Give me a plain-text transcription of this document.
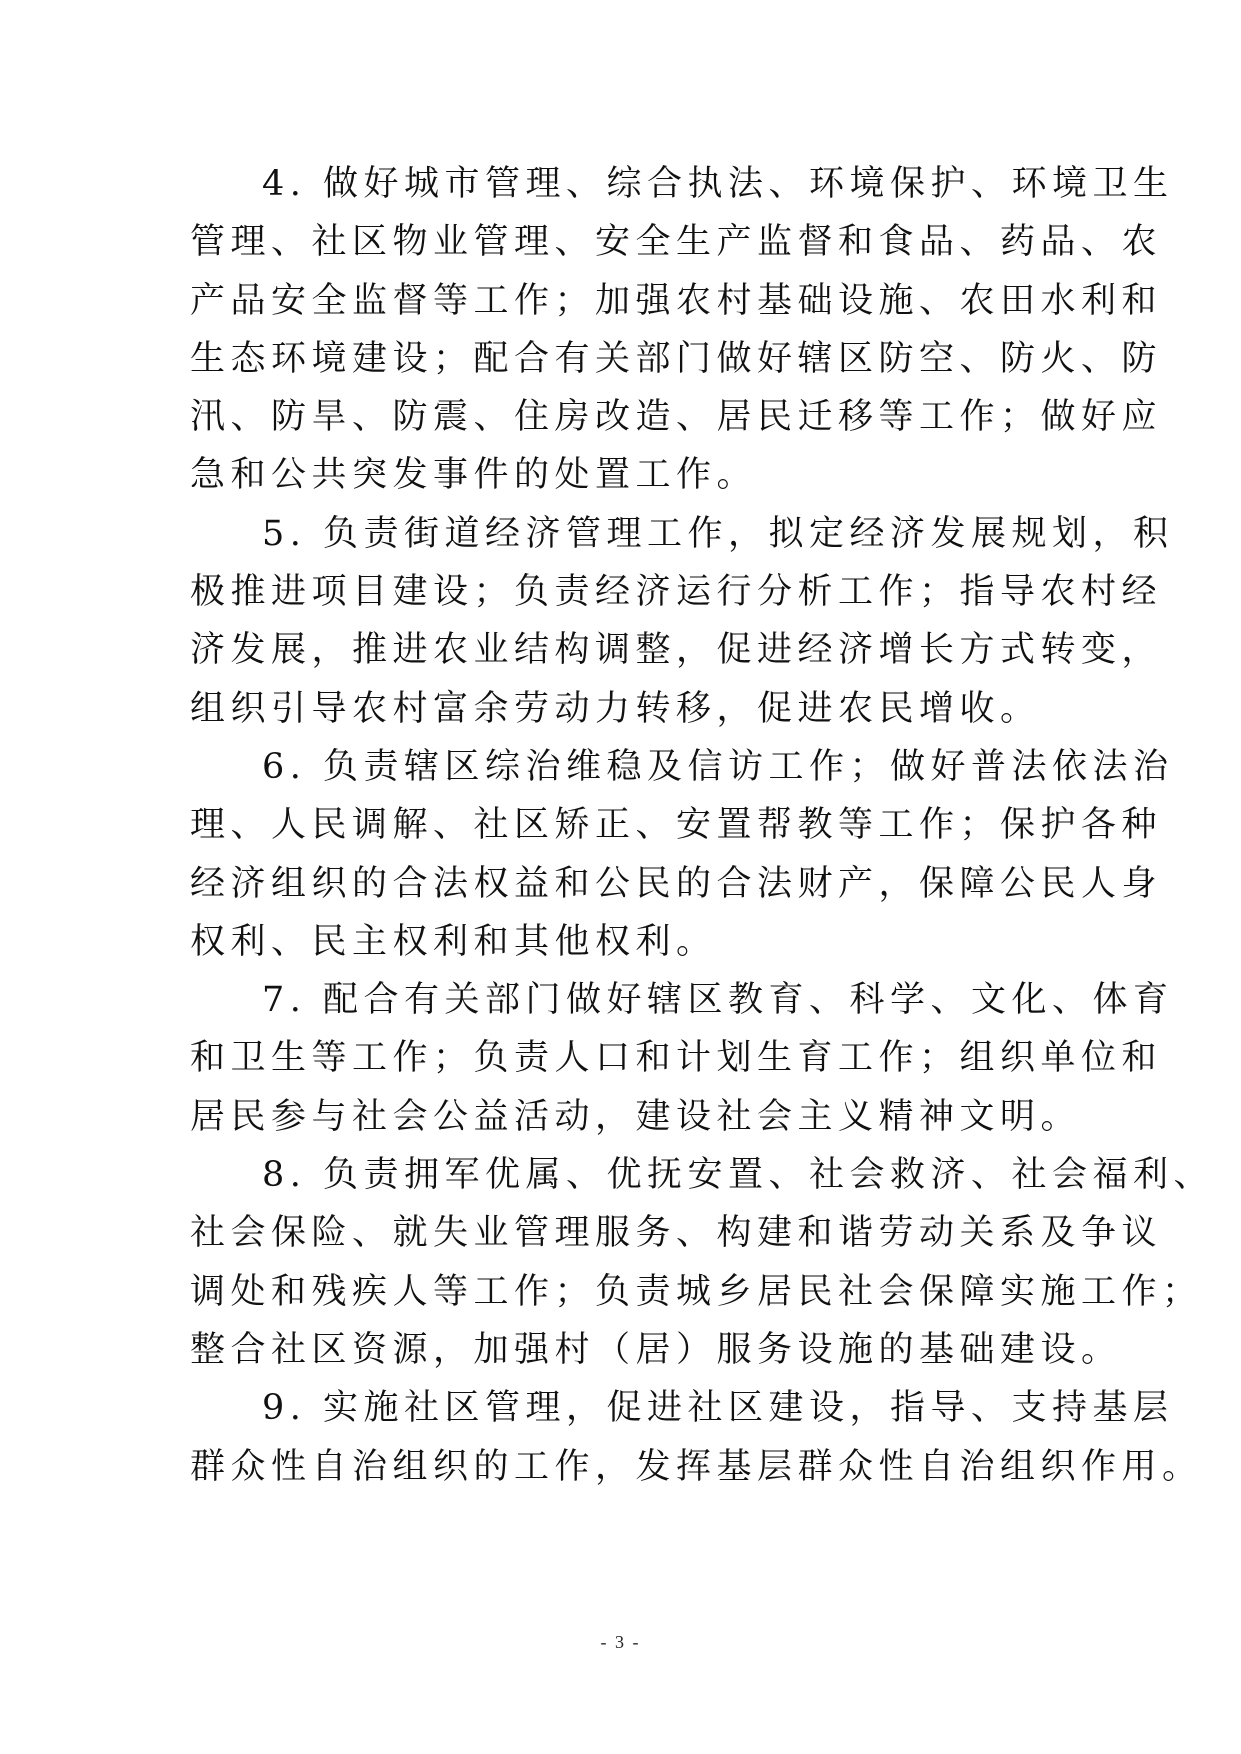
4. 做好城市管理、综合执法、环境保护、环境卫生
管理、社区物业管理、安全生产监督和食品、药品、农
产品安全监督等工作；加强农村基础设施、农田水利和
生态环境建设；配合有关部门做好辖区防空、防火、防
汛、防旱、防震、住房改造、居民迁移等工作；做好应
急和公共突发事件的处置工作。

5. 负责街道经济管理工作，拟定经济发展规划，积
极推进项目建设；负责经济运行分析工作；指导农村经
济发展，推进农业结构调整，促进经济增长方式转变，
组织引导农村富余劳动力转移，促进农民增收。

6. 负责辖区综治维稳及信访工作；做好普法依法治
理、人民调解、社区矫正、安置帮教等工作；保护各种
经济组织的合法权益和公民的合法财产，保障公民人身
权利、民主权利和其他权利。

7. 配合有关部门做好辖区教育、科学、文化、体育
和卫生等工作；负责人口和计划生育工作；组织单位和
居民参与社会公益活动，建设社会主义精神文明。

8. 负责拥军优属、优抚安置、社会救济、社会福利、
社会保险、就失业管理服务、构建和谐劳动关系及争议
调处和残疾人等工作；负责城乡居民社会保障实施工作；
整合社区资源，加强村（居）服务设施的基础建设。

9. 实施社区管理，促进社区建设，指导、支持基层
群众性自治组织的工作，发挥基层群众性自治组织作用。

- 3 -
